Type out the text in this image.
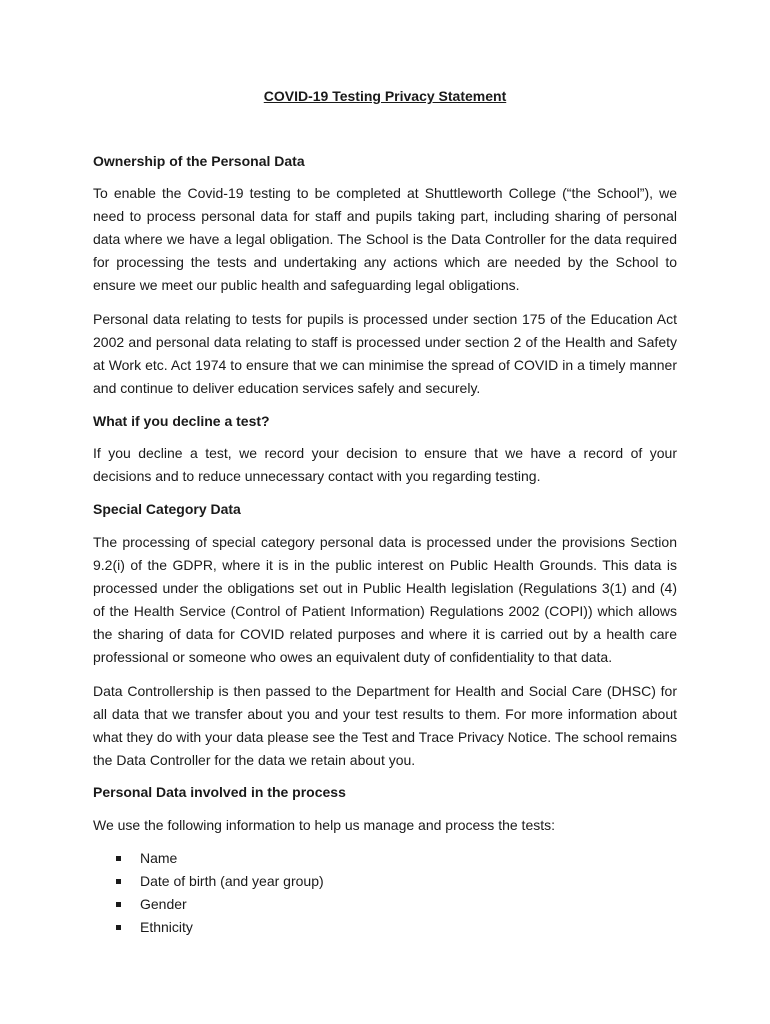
COVID-19 Testing Privacy Statement
Ownership of the Personal Data

To enable the Covid-19 testing to be completed at Shuttleworth College (“the School”), we need to process personal data for staff and pupils taking part, including sharing of personal data where we have a legal obligation. The School is the Data Controller for the data required for processing the tests and undertaking any actions which are needed by the School to ensure we meet our public health and safeguarding legal obligations.

Personal data relating to tests for pupils is processed under section 175 of the Education Act 2002 and personal data relating to staff is processed under section 2 of the Health and Safety at Work etc. Act 1974 to ensure that we can minimise the spread of COVID in a timely manner and continue to deliver education services safely and securely.

What if you decline a test?

If you decline a test, we record your decision to ensure that we have a record of your decisions and to reduce unnecessary contact with you regarding testing.

Special Category Data

The processing of special category personal data is processed under the provisions Section 9.2(i) of the GDPR, where it is in the public interest on Public Health Grounds. This data is processed under the obligations set out in Public Health legislation (Regulations 3(1) and (4) of the Health Service (Control of Patient Information) Regulations 2002 (COPI)) which allows the sharing of data for COVID related purposes and where it is carried out by a health care professional or someone who owes an equivalent duty of confidentiality to that data.

Data Controllership is then passed to the Department for Health and Social Care (DHSC) for all data that we transfer about you and your test results to them. For more information about what they do with your data please see the Test and Trace Privacy Notice. The school remains the Data Controller for the data we retain about you.

Personal Data involved in the process

We use the following information to help us manage and process the tests:

Name
Date of birth (and year group)
Gender
Ethnicity
